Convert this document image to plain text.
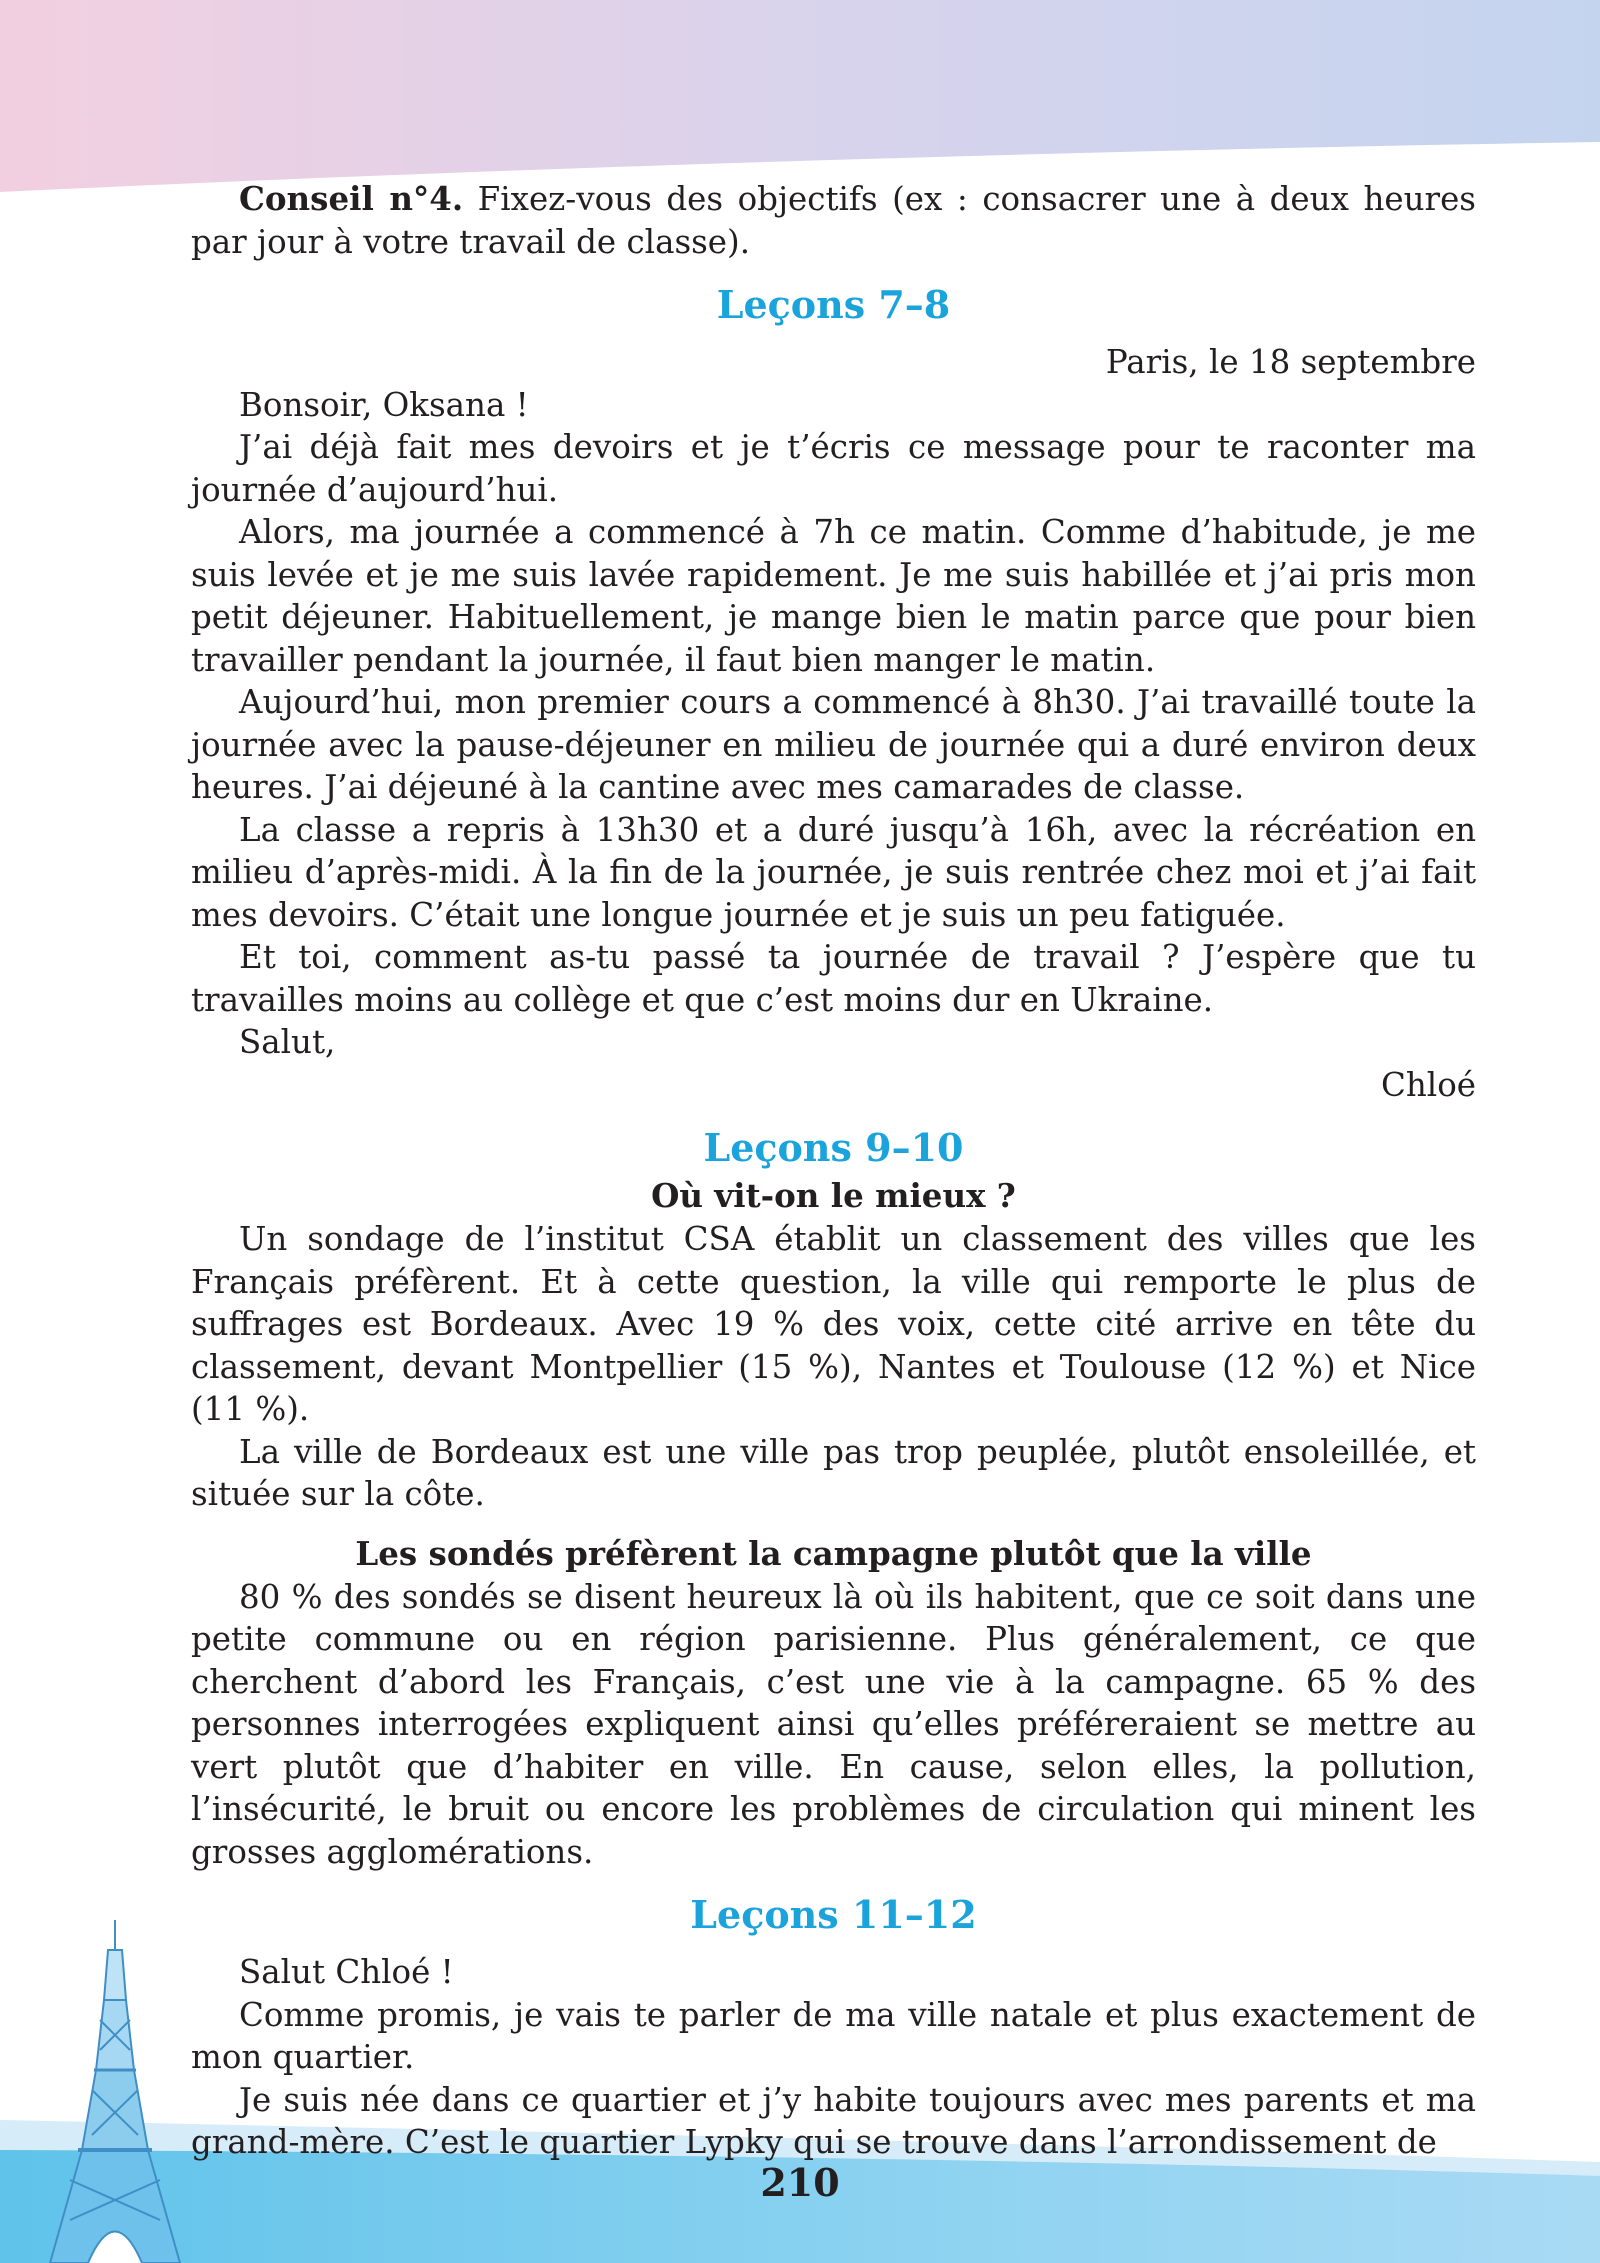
Conseil n°4. Fixez-vous des objectifs (ex : consacrer une à deux heures par jour à votre travail de classe).

Leçons 7–8

Paris, le 18 septembre

Bonsoir, Oksana !

J’ai déjà fait mes devoirs et je t’écris ce message pour te raconter ma journée d’aujourd’hui.

Alors, ma journée a commencé à 7h ce matin. Comme d’habitude, je me suis levée et je me suis lavée rapidement. Je me suis habillée et j’ai pris mon petit déjeuner. Habituellement, je mange bien le matin parce que pour bien travailler pendant la journée, il faut bien manger le matin.

Aujourd’hui, mon premier cours a commencé à 8h30. J’ai travaillé toute la journée avec la pause-déjeuner en milieu de journée qui a duré environ deux heures. J’ai déjeuné à la cantine avec mes camarades de classe.

La classe a repris à 13h30 et a duré jusqu’à 16h, avec la récréation en milieu d’après-midi. À la fin de la journée, je suis rentrée chez moi et j’ai fait mes devoirs. C’était une longue journée et je suis un peu fatiguée.

Et toi, comment as-tu passé ta journée de travail ? J’espère que tu travailles moins au collège et que c’est moins dur en Ukraine.

Salut,

Chloé

Leçons 9–10
Où vit-on le mieux ?

Un sondage de l’institut CSA établit un classement des villes que les Français préfèrent. Et à cette question, la ville qui remporte le plus de suffrages est Bordeaux. Avec 19 % des voix, cette cité arrive en tête du classement, devant Montpellier (15 %), Nantes et Toulouse (12 %) et Nice (11 %).

La ville de Bordeaux est une ville pas trop peuplée, plutôt ensoleillée, et située sur la côte.

Les sondés préfèrent la campagne plutôt que la ville

80 % des sondés se disent heureux là où ils habitent, que ce soit dans une petite commune ou en région parisienne. Plus généralement, ce que cherchent d’abord les Français, c’est une vie à la campagne. 65 % des personnes interrogées expliquent ainsi qu’elles préféreraient se mettre au vert plutôt que d’habiter en ville. En cause, selon elles, la pollution, l’insécurité, le bruit ou encore les problèmes de circulation qui minent les grosses agglomérations.

Leçons 11–12

Salut Chloé !

Comme promis, je vais te parler de ma ville natale et plus exactement de mon quartier.

Je suis née dans ce quartier et j’y habite toujours avec mes parents et ma grand-mère. C’est le quartier Lypky qui se trouve dans l’arrondissement de

210
